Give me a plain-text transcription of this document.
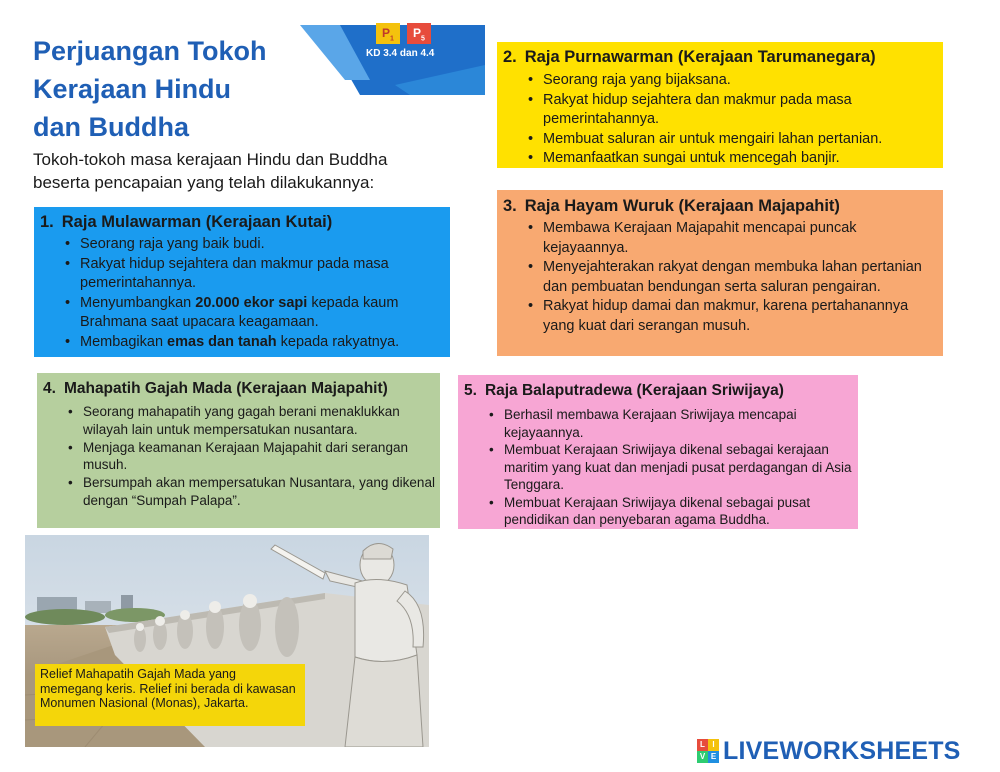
$P_1$	$P_5$
KD 3.4 dan 4.4
Perjuangan Tokoh
Kerajaan Hindu
dan Buddha
Tokoh-tokoh masa kerajaan Hindu dan Buddha
beserta pencapaian yang telah dilakukannya:
1. Raja Mulawarman (Kerajaan Kutai)
• Seorang raja yang baik budi.
• Rakyat hidup sejahtera dan makmur pada masa pemerintahannya.
• Menyumbangkan 20.000 ekor sapi kepada kaum Brahmana saat upacara keagamaan.
• Membagikan emas dan tanah kepada rakyatnya.
2. Raja Purnawarman (Kerajaan Tarumanegara)
• Seorang raja yang bijaksana.
• Rakyat hidup sejahtera dan makmur pada masa pemerintahannya.
• Membuat saluran air untuk mengairi lahan pertanian.
• Memanfaatkan sungai untuk mencegah banjir.
3. Raja Hayam Wuruk (Kerajaan Majapahit)
• Membawa Kerajaan Majapahit mencapai puncak kejayaannya.
• Menyejahterakan rakyat dengan membuka lahan pertanian dan pembuatan bendungan serta saluran pengairan.
• Rakyat hidup damai dan makmur, karena pertahanannya yang kuat dari serangan musuh.
4. Mahapatih Gajah Mada (Kerajaan Majapahit)
• Seorang mahapatih yang gagah berani menaklukkan wilayah lain untuk mempersatukan nusantara.
• Menjaga keamanan Kerajaan Majapahit dari serangan musuh.
• Bersumpah akan mempersatukan Nusantara, yang dikenal dengan “Sumpah Palapa”.
5. Raja Balaputradewa (Kerajaan Sriwijaya)
• Berhasil membawa Kerajaan Sriwijaya mencapai kejayaannya.
• Membuat Kerajaan Sriwijaya dikenal sebagai kerajaan maritim yang kuat dan menjadi pusat perdagangan di Asia Tenggara.
• Membuat Kerajaan Sriwijaya dikenal sebagai pusat pendidikan dan penyebaran agama Buddha.
Relief Mahapatih Gajah Mada yang memegang keris. Relief ini berada di kawasan Monumen Nasional (Monas), Jakarta.
L I
V E LIVEWORKSHEETS
